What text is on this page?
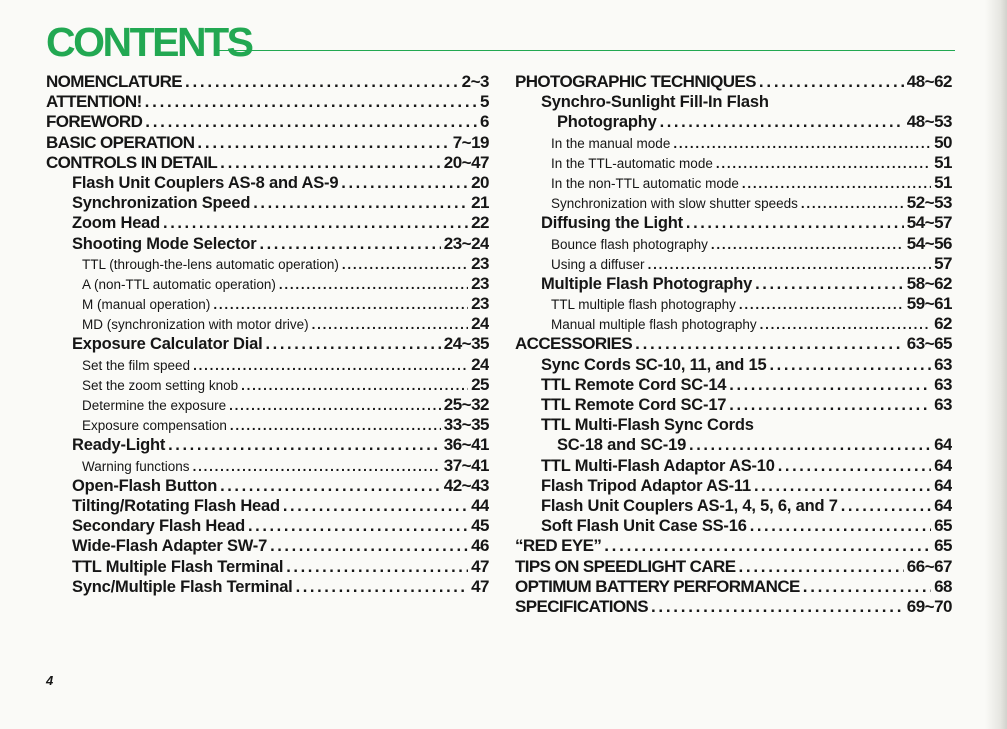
CONTENTS
NOMENCLATURE . . .	2~3
ATTENTION! . . .	5
FOREWORD . . .	6
BASIC OPERATION . . .	7~19
CONTROLS IN DETAIL . . .	20~47
Flash Unit Couplers AS-8 and AS-9 . . .	20
Synchronization Speed . . .	21
Zoom Head . . .	22
Shooting Mode Selector . . .	23~24
TTL (through-the-lens automatic operation) . . .	23
A (non-TTL automatic operation) . . .	23
M (manual operation) . . .	23
MD (synchronization with motor drive) . . .	24
Exposure Calculator Dial . . .	24~35
Set the film speed . . .	24
Set the zoom setting knob . . .	25
Determine the exposure . . .	25~32
Exposure compensation . . .	33~35
Ready-Light . . .	36~41
Warning functions . . .	37~41
Open-Flash Button . . .	42~43
Tilting/Rotating Flash Head . . .	44
Secondary Flash Head . . .	45
Wide-Flash Adapter SW-7 . . .	46
TTL Multiple Flash Terminal . . .	47
Sync/Multiple Flash Terminal . . .	47
PHOTOGRAPHIC TECHNIQUES . . .	48~62
Synchro-Sunlight Fill-In Flash
Photography . . .	48~53
In the manual mode . . .	50
In the TTL-automatic mode . . .	51
In the non-TTL automatic mode . . .	51
Synchronization with slow shutter speeds . . .	52~53
Diffusing the Light . . .	54~57
Bounce flash photography . . .	54~56
Using a diffuser . . .	57
Multiple Flash Photography . . .	58~62
TTL multiple flash photography . . .	59~61
Manual multiple flash photography . . .	62
ACCESSORIES . . .	63~65
Sync Cords SC-10, 11, and 15 . . .	63
TTL Remote Cord SC-14 . . .	63
TTL Remote Cord SC-17 . . .	63
TTL Multi-Flash Sync Cords
SC-18 and SC-19 . . .	64
TTL Multi-Flash Adaptor AS-10 . . .	64
Flash Tripod Adaptor AS-11 . . .	64
Flash Unit Couplers AS-1, 4, 5, 6, and 7 . . .	64
Soft Flash Unit Case SS-16 . . .	65
“RED EYE” . . .	65
TIPS ON SPEEDLIGHT CARE . . .	66~67
OPTIMUM BATTERY PERFORMANCE . . .	68
SPECIFICATIONS . . .	69~70
4
